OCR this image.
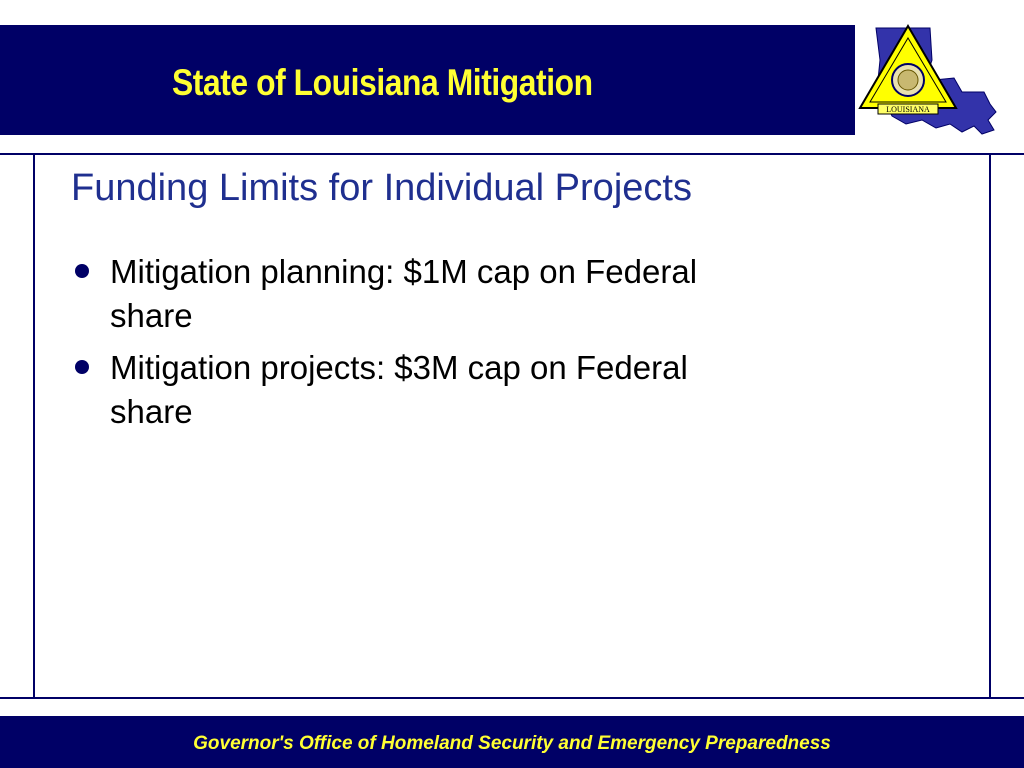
State of Louisiana Mitigation
LOUISIANA
Funding Limits for Individual Projects
Mitigation planning: $1M cap on Federal share
Mitigation projects: $3M cap on Federal share
Governor's Office of Homeland Security and Emergency Preparedness
